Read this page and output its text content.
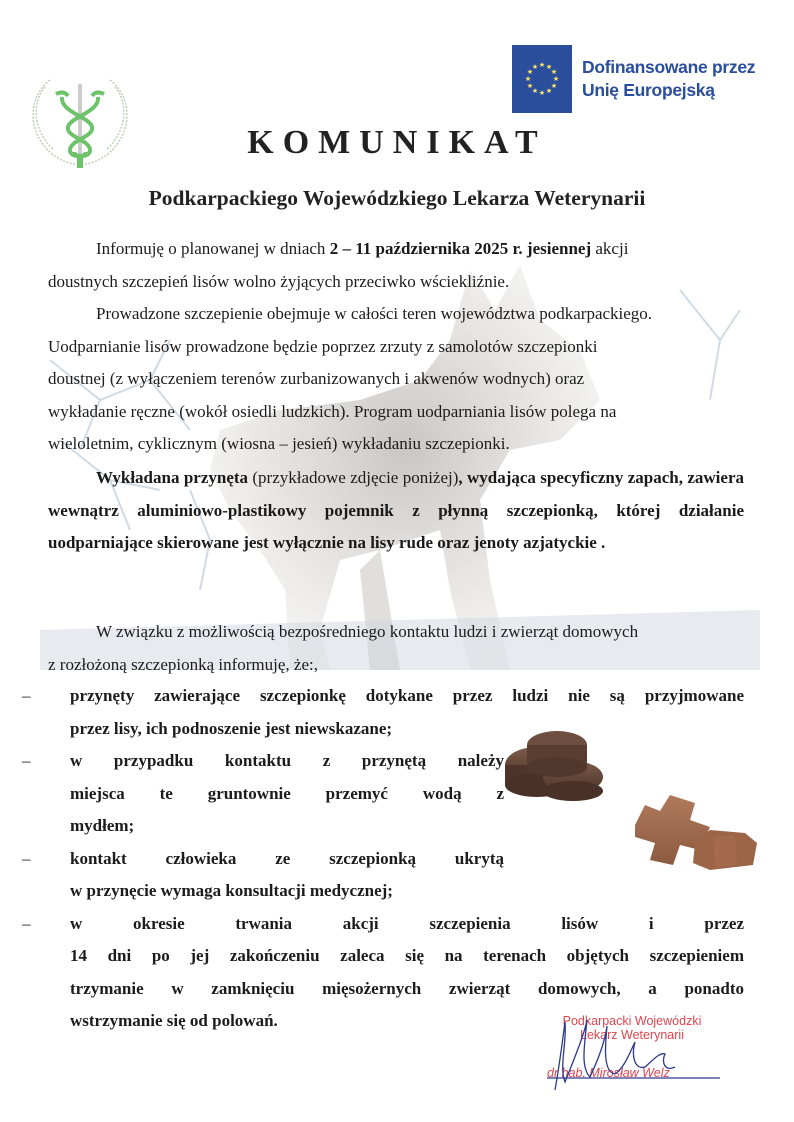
★ ★
★
★
★
★
★
★
★
★
★
★	Dofinansowane przez
Unię Europejską
KOMUNIKAT
Podkarpackiego Wojewódzkiego Lekarza Weterynarii
Informuję o planowanej w dniach 2 – 11 października 2025 r. jesiennej akcji
doustnych szczepień lisów wolno żyjących przeciwko wściekliźnie.
Prowadzone szczepienie obejmuje w całości teren województwa podkarpackiego.
Uodparnianie lisów prowadzone będzie poprzez zrzuty z samolotów szczepionki
doustnej (z wyłączeniem terenów zurbanizowanych i akwenów wodnych) oraz
wykładanie ręczne (wokół osiedli ludzkich). Program uodparniania lisów polega na
wieloletnim, cyklicznym (wiosna – jesień) wykładaniu szczepionki.
Wykładana przynęta (przykładowe zdjęcie poniżej), wydająca specyficzny zapach, zawiera wewnątrz aluminiowo-plastikowy pojemnik z płynną szczepionką, której działanie uodparniające skierowane jest wyłącznie na lisy rude oraz jenoty azjatyckie .
W związku z możliwością bezpośredniego kontaktu ludzi i zwierząt domowych
z rozłożoną szczepionką informuję, że:,
– przynęty zawierające szczepionkę dotykane przez ludzi nie są przyjmowane
przez lisy, ich podnoszenie jest niewskazane;
– w przypadku kontaktu z przynętą należy
miejsca te gruntownie przemyć wodą z
mydłem;
– kontakt człowieka ze szczepionką ukrytą
w przynęcie wymaga konsultacji medycznej;
– w okresie trwania akcji szczepienia lisów i przez
14 dni po jej zakończeniu zaleca się na terenach objętych szczepieniem
trzymanie w zamknięciu mięsożernych zwierząt domowych, a ponadto
wstrzymanie się od polowań.	Podkarpacki Wojewódzki
Lekarz Weterynarii
dr hab. Mirosław Welz
